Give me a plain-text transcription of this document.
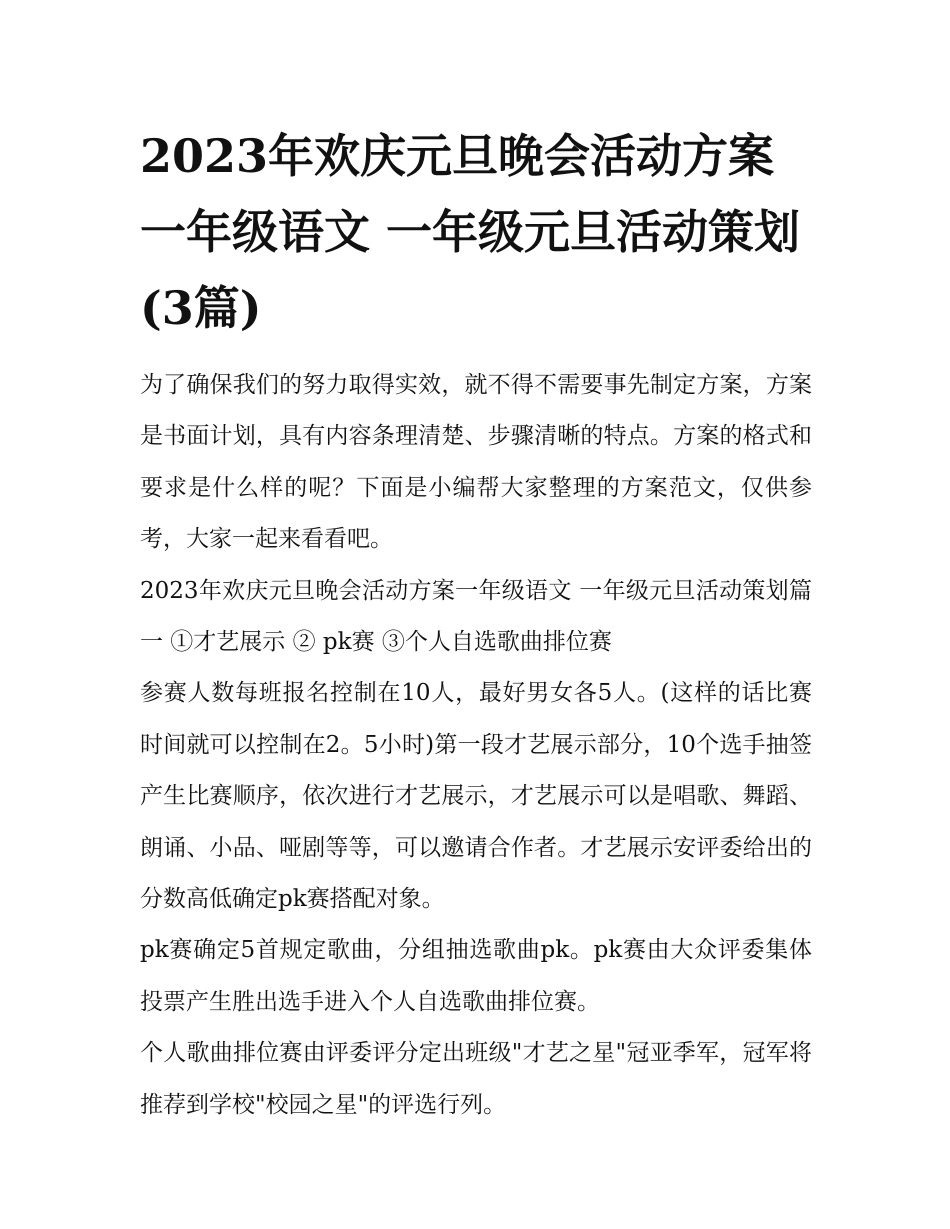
2023年欢庆元旦晚会活动方案一年级语文 一年级元旦活动策划(3篇)

为了确保我们的努力取得实效，就不得不需要事先制定方案，方案是书面计划，具有内容条理清楚、步骤清晰的特点。方案的格式和要求是什么样的呢？下面是小编帮大家整理的方案范文，仅供参考，大家一起来看看吧。

2023年欢庆元旦晚会活动方案一年级语文 一年级元旦活动策划篇一 ①才艺展示 ② pk赛 ③个人自选歌曲排位赛

参赛人数每班报名控制在10人，最好男女各5人。(这样的话比赛时间就可以控制在2。5小时)第一段才艺展示部分，10个选手抽签产生比赛顺序，依次进行才艺展示，才艺展示可以是唱歌、舞蹈、朗诵、小品、哑剧等等，可以邀请合作者。才艺展示安评委给出的分数高低确定pk赛搭配对象。

pk赛确定5首规定歌曲，分组抽选歌曲pk。pk赛由大众评委集体投票产生胜出选手进入个人自选歌曲排位赛。

个人歌曲排位赛由评委评分定出班级"才艺之星"冠亚季军，冠军将推荐到学校"校园之星"的评选行列。
